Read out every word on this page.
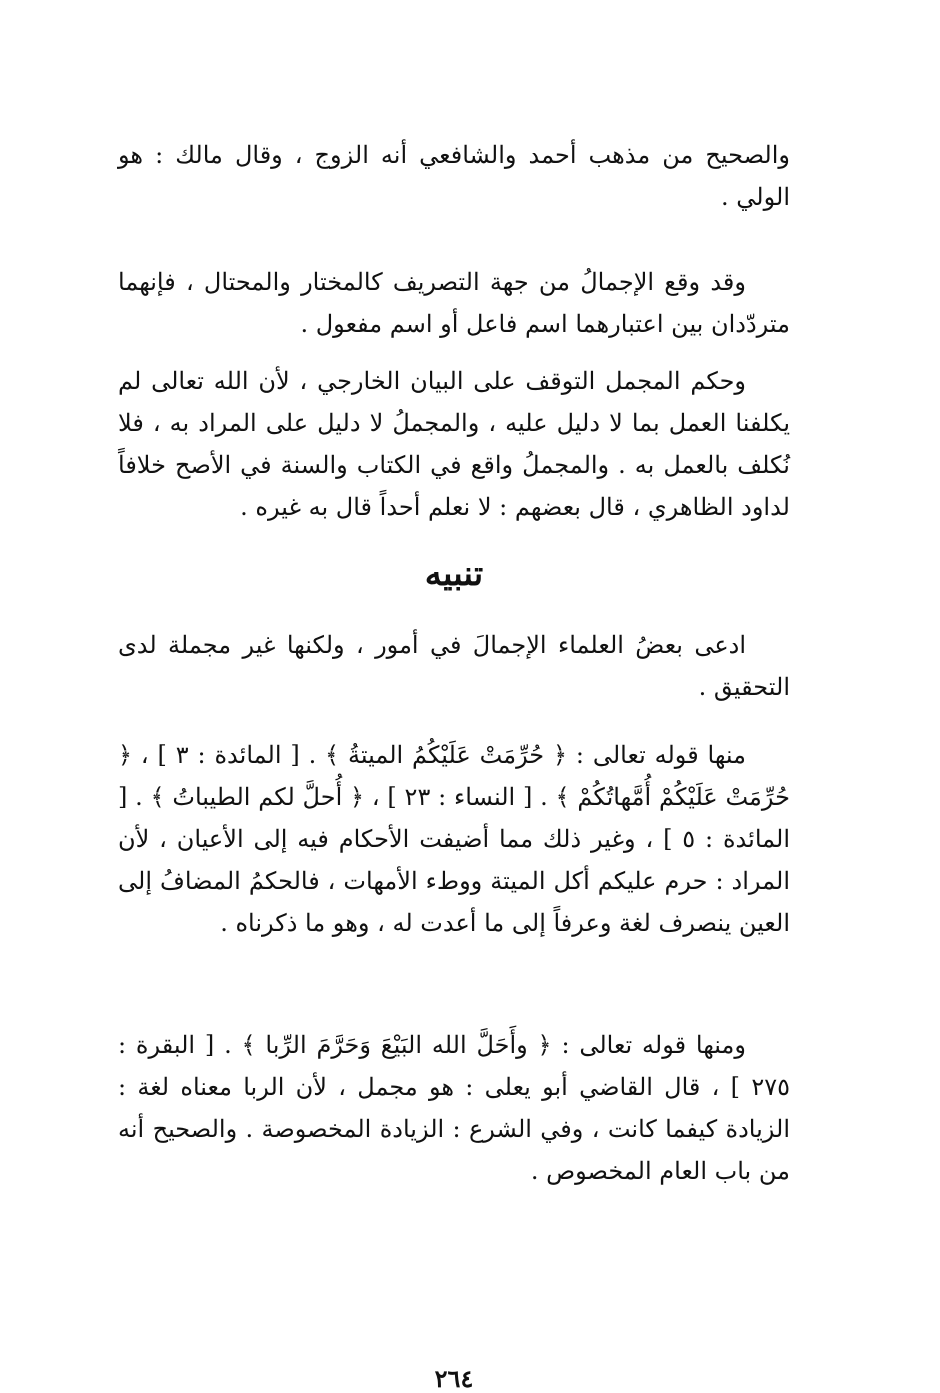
والصحيح من مذهب أحمد والشافعي أنه الزوج ، وقال مالك : هو الولي .

وقد وقع الإجمالُ من جهة التصريف كالمختار والمحتال ، فإنهما متردّدان بين اعتبارهما اسم فاعل أو اسم مفعول .

وحكم المجمل التوقف على البيان الخارجي ، لأن الله تعالى لم يكلفنا العمل بما لا دليل عليه ، والمجملُ لا دليل على المراد به ، فلا نُكلف بالعمل به . والمجملُ واقع في الكتاب والسنة في الأصح خلافاً لداود الظاهري ، قال بعضهم : لا نعلم أحداً قال به غيره .

تنبيه

ادعى بعضُ العلماء الإجمالَ في أمور ، ولكنها غير مجملة لدى التحقيق .

منها قوله تعالى : ﴿ حُرِّمَتْ عَلَيْكُمُ الميتةُ ﴾ . [ المائدة : ٣ ] ، ﴿ حُرِّمَتْ عَلَيْكُمْ أُمَّهاتُكُمْ ﴾ . [ النساء : ٢٣ ] ، ﴿ أُحلَّ لكم الطيباتُ ﴾ . [ المائدة : ٥ ] ، وغير ذلك مما أضيفت الأحكام فيه إلى الأعيان ، لأن المراد : حرم عليكم أكل الميتة ووطء الأمهات ، فالحكمُ المضافُ إلى العين ينصرف لغة وعرفاً إلى ما أعدت له ، وهو ما ذكرناه .

ومنها قوله تعالى : ﴿ وأَحَلَّ الله البَيْعَ وَحَرَّمَ الرِّبا ﴾ . [ البقرة : ٢٧٥ ] ، قال القاضي أبو يعلى : هو مجمل ، لأن الربا معناه لغة : الزيادة كيفما كانت ، وفي الشرع : الزيادة المخصوصة . والصحيح أنه من باب العام المخصوص .

٢٦٤
